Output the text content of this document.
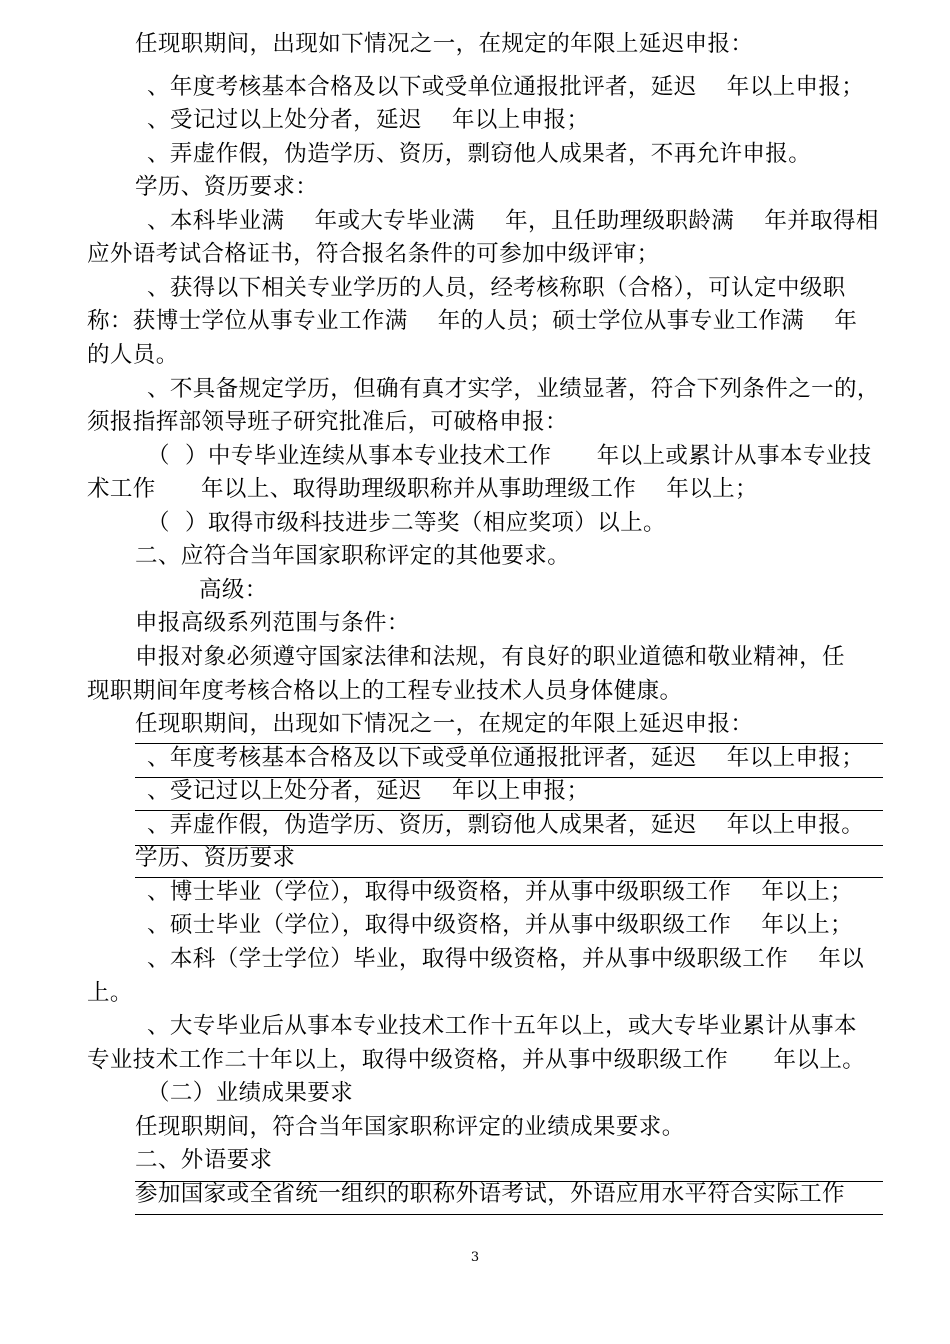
任现职期间，出现如下情况之一，在规定的年限上延迟申报：
、年度考核基本合格及以下或受单位通报批评者，延迟    年以上申报；
、受记过以上处分者，延迟    年以上申报；
、弄虚作假，伪造学历、资历，剽窃他人成果者，不再允许申报。
学历、资历要求：
、本科毕业满    年或大专毕业满    年，且任助理级职龄满    年并取得相
应外语考试合格证书，符合报名条件的可参加中级评审；
、获得以下相关专业学历的人员，经考核称职（合格），可认定中级职
称：获博士学位从事专业工作满    年的人员；硕士学位从事专业工作满    年
的人员。
、不具备规定学历，但确有真才实学，业绩显著，符合下列条件之一的，
须报指挥部领导班子研究批准后，可破格申报：
（  ）中专毕业连续从事本专业技术工作      年以上或累计从事本专业技
术工作      年以上、取得助理级职称并从事助理级工作    年以上；
（  ）取得市级科技进步二等奖（相应奖项）以上。
二、应符合当年国家职称评定的其他要求。
高级：
申报高级系列范围与条件：
申报对象必须遵守国家法律和法规，有良好的职业道德和敬业精神，任
现职期间年度考核合格以上的工程专业技术人员身体健康。
任现职期间，出现如下情况之一，在规定的年限上延迟申报：
、年度考核基本合格及以下或受单位通报批评者，延迟    年以上申报；
、受记过以上处分者，延迟    年以上申报；
、弄虚作假，伪造学历、资历，剽窃他人成果者，延迟    年以上申报。
学历、资历要求
、博士毕业（学位），取得中级资格，并从事中级职级工作    年以上；
、硕士毕业（学位），取得中级资格，并从事中级职级工作    年以上；
、本科（学士学位）毕业，取得中级资格，并从事中级职级工作    年以
上。
、大专毕业后从事本专业技术工作十五年以上，或大专毕业累计从事本
专业技术工作二十年以上，取得中级资格，并从事中级职级工作      年以上。
（二）业绩成果要求
任现职期间，符合当年国家职称评定的业绩成果要求。
二、外语要求
参加国家或全省统一组织的职称外语考试，外语应用水平符合实际工作
3
